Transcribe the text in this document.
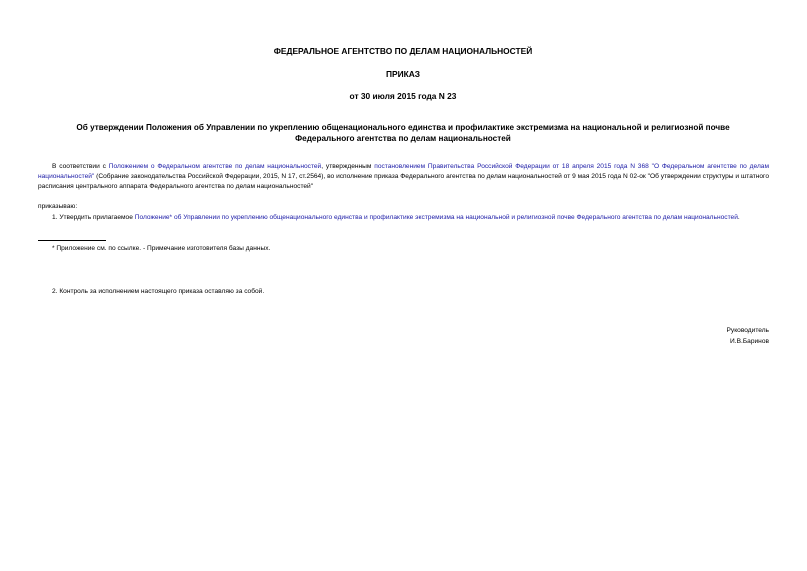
ФЕДЕРАЛЬНОЕ АГЕНТСТВО ПО ДЕЛАМ НАЦИОНАЛЬНОСТЕЙ
ПРИКАЗ
от 30 июля 2015 года N 23
Об утверждении Положения об Управлении по укреплению общенационального единства и профилактике экстремизма на национальной и религиозной почве
Федерального агентства по делам национальностей
В соответствии с Положением о Федеральном агентстве по делам национальностей, утвержденным постановлением Правительства Российской Федерации от 18 апреля 2015 года N 368 "О Федеральном агентстве по делам национальностей" (Собрание законодательства Российской Федерации, 2015, N 17, ст.2564), во исполнение приказа Федерального агентства по делам национальностей от 9 мая 2015 года N 02-ок "Об утверждении структуры и штатного расписания центрального аппарата Федерального агентства по делам национальностей"
приказываю:
1. Утвердить прилагаемое Положение* об Управлении по укреплению общенационального единства и профилактике экстремизма на национальной и религиозной почве Федерального агентства по делам национальностей.
* Приложение см. по ссылке. - Примечание изготовителя базы данных.
2. Контроль за исполнением настоящего приказа оставляю за собой.
Руководитель
И.В.Баринов
